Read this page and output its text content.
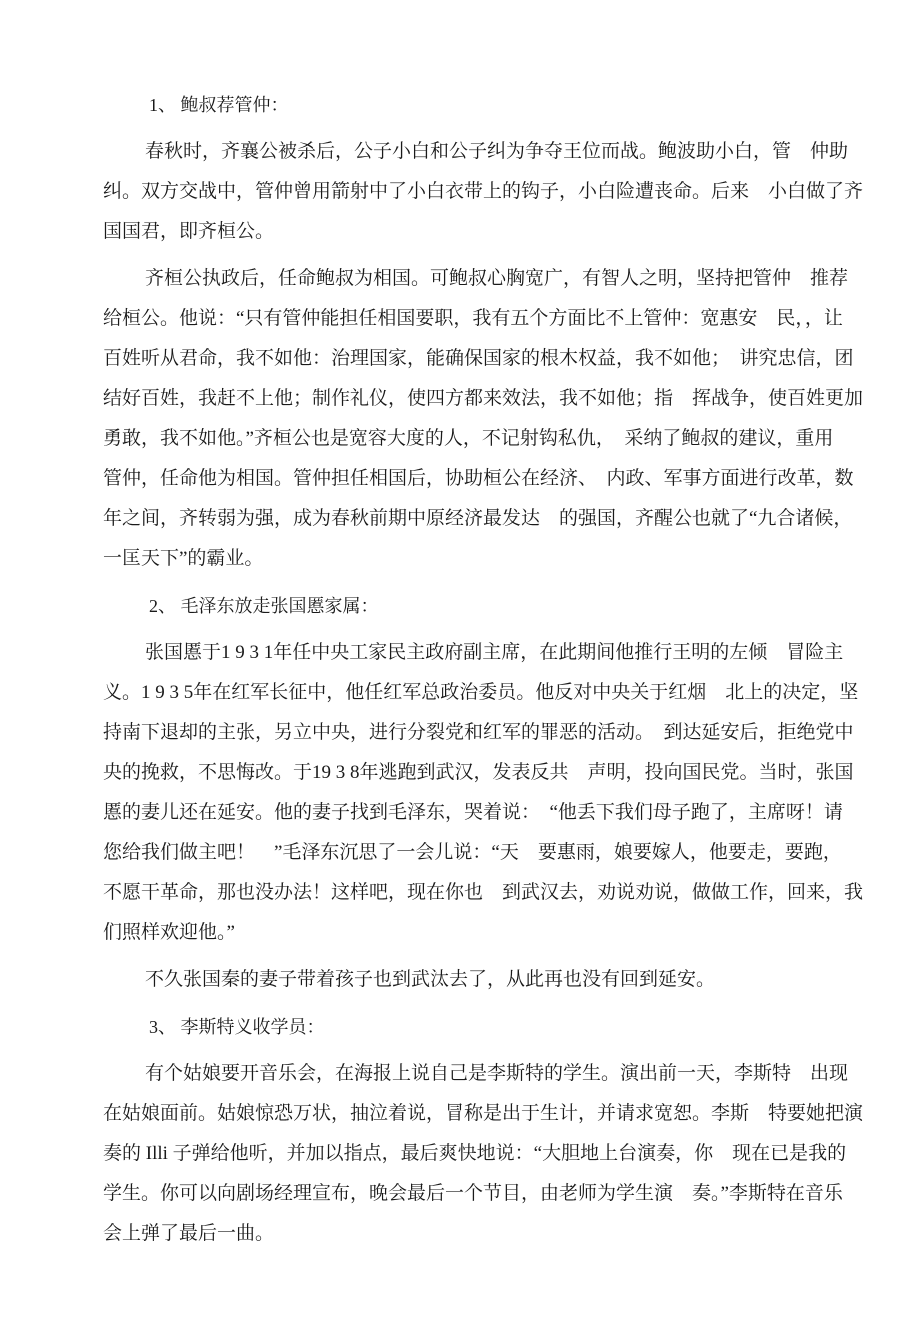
1、 鲍叔荐管仲：
春秋时，齐襄公被杀后，公子小白和公子纠为争夺王位而战。鲍波助小白，管　仲助
纠。双方交战中，管仲曾用箭射中了小白衣带上的钩子，小白险遭丧命。后来　小白做了齐
国国君，即齐桓公。
齐桓公执政后，任命鲍叔为相国。可鲍叔心胸宽广，有智人之明，坚持把管仲　推荐
给桓公。他说：“只有管仲能担任相国要职，我有五个方面比不上管仲：宽惠安　民，，让
百姓听从君命，我不如他：治理国家，能确保国家的根木权益，我不如他；　讲究忠信，团
结好百姓，我赶不上他；制作礼仪，使四方都来效法，我不如他；指　挥战争，使百姓更加
勇敢，我不如他。”齐桓公也是宽容大度的人，不记射钩私仇，　采纳了鲍叔的建议，重用
管仲，任命他为相国。管仲担任相国后，协助桓公在经济、　内政、军事方面进行改革，数
年之间，齐转弱为强，成为春秋前期中原经济最发达　的强国，齐醒公也就了“九合诸候，
一匡天下”的霸业。
2、 毛泽东放走张国慝家属：
张国慝于1 9 3 1年任中央工家民主政府副主席，在此期间他推行王明的左倾　冒险主
义。1 9 3 5年在红军长征中，他任红军总政治委员。他反对中央关于红烟　北上的决定，坚
持南下退却的主张，另立中央，进行分裂党和红军的罪恶的活动。　到达延安后，拒绝党中
央的挽救，不思悔改。于19 3 8年逃跑到武汉，发表反共　声明，投向国民党。当时，张国
慝的妻儿还在延安。他的妻子找到毛泽东，哭着说：　“他丢下我们母子跑了，主席呀！请
您给我们做主吧！　”毛泽东沉思了一会儿说：“天　要惠雨，娘要嫁人，他要走，要跑，
不愿干革命，那也没办法！这样吧，现在你也　到武汉去，劝说劝说，做做工作，回来，我
们照样欢迎他。”
不久张国秦的妻子带着孩子也到武汰去了，从此再也没有回到延安。
3、 李斯特义收学员：
有个姑娘要开音乐会，在海报上说自己是李斯特的学生。演出前一天，李斯特　出现
在姑娘面前。姑娘惊恐万状，抽泣着说，冒称是出于生计，并请求宽恕。李斯　特要她把演
奏的 Illi 子弹给他听，并加以指点，最后爽快地说：“大胆地上台演奏，你　现在已是我的
学生。你可以向剧场经理宣布，晚会最后一个节目，由老师为学生演　奏。”李斯特在音乐
会上弹了最后一曲。
